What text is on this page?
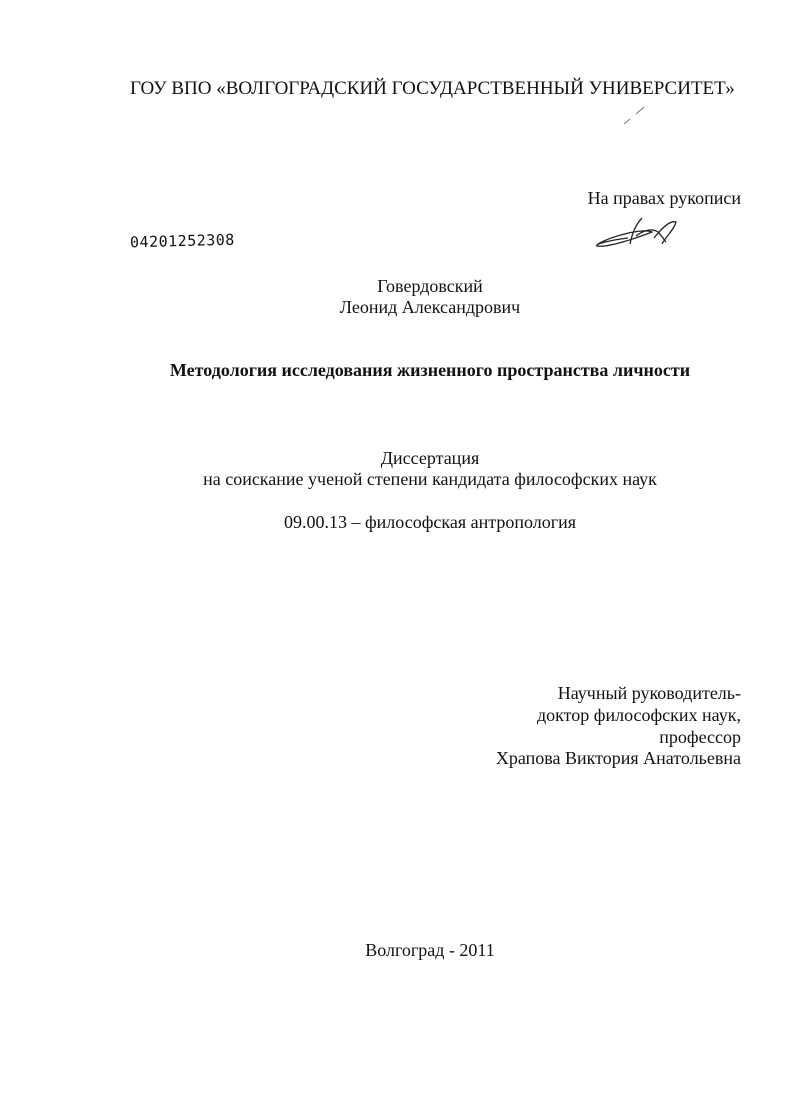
ГОУ ВПО «ВОЛГОГРАДСКИЙ ГОСУДАРСТВЕННЫЙ УНИВЕРСИТЕТ»
На правах рукописи
04201252308
Говердовский
Леонид Александрович
Методология исследования жизненного пространства личности
Диссертация
на соискание ученой степени кандидата философских наук
09.00.13 – философская антропология
Научный руководитель-
доктор философских наук,
профессор
Храпова Виктория Анатольевна
Волгоград - 2011
